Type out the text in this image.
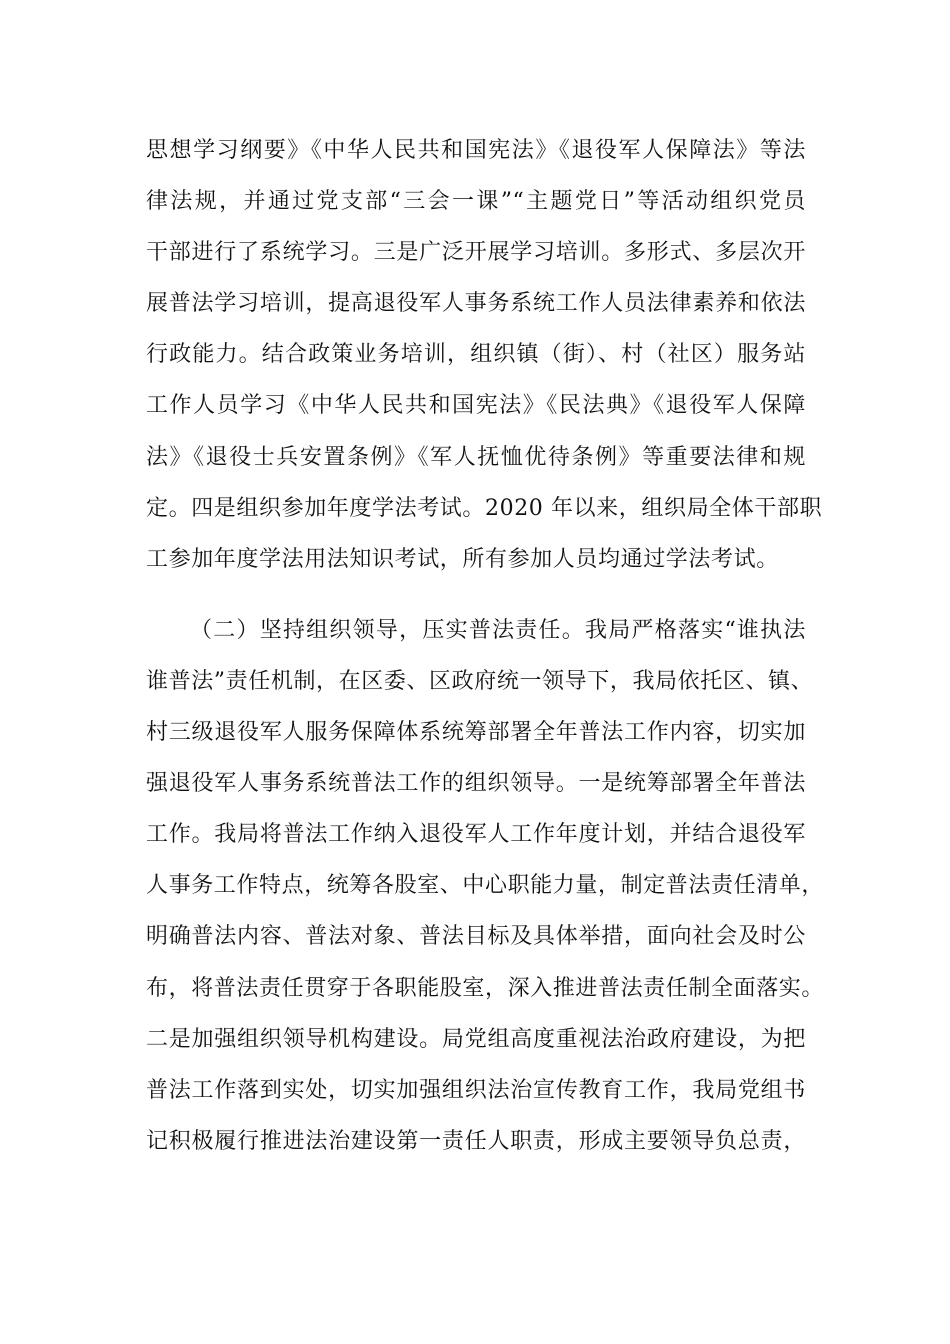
思想学习纲要》《中华人民共和国宪法》《退役军人保障法》等法
律法规，并通过党支部“三会一课”“主题党日”等活动组织党员
干部进行了系统学习。三是广泛开展学习培训。多形式、多层次开
展普法学习培训，提高退役军人事务系统工作人员法律素养和依法
行政能力。结合政策业务培训，组织镇（街）、村（社区）服务站
工作人员学习《中华人民共和国宪法》《民法典》《退役军人保障
法》《退役士兵安置条例》《军人抚恤优待条例》等重要法律和规
定。四是组织参加年度学法考试。2020 年以来，组织局全体干部职
工参加年度学法用法知识考试，所有参加人员均通过学法考试。
（二）坚持组织领导，压实普法责任。我局严格落实“谁执法
谁普法”责任机制，在区委、区政府统一领导下，我局依托区、镇、
村三级退役军人服务保障体系统筹部署全年普法工作内容，切实加
强退役军人事务系统普法工作的组织领导。一是统筹部署全年普法
工作。我局将普法工作纳入退役军人工作年度计划，并结合退役军
人事务工作特点，统筹各股室、中心职能力量，制定普法责任清单，
明确普法内容、普法对象、普法目标及具体举措，面向社会及时公
布，将普法责任贯穿于各职能股室，深入推进普法责任制全面落实。
二是加强组织领导机构建设。局党组高度重视法治政府建设，为把
普法工作落到实处，切实加强组织法治宣传教育工作，我局党组书
记积极履行推进法治建设第一责任人职责，形成主要领导负总责，
